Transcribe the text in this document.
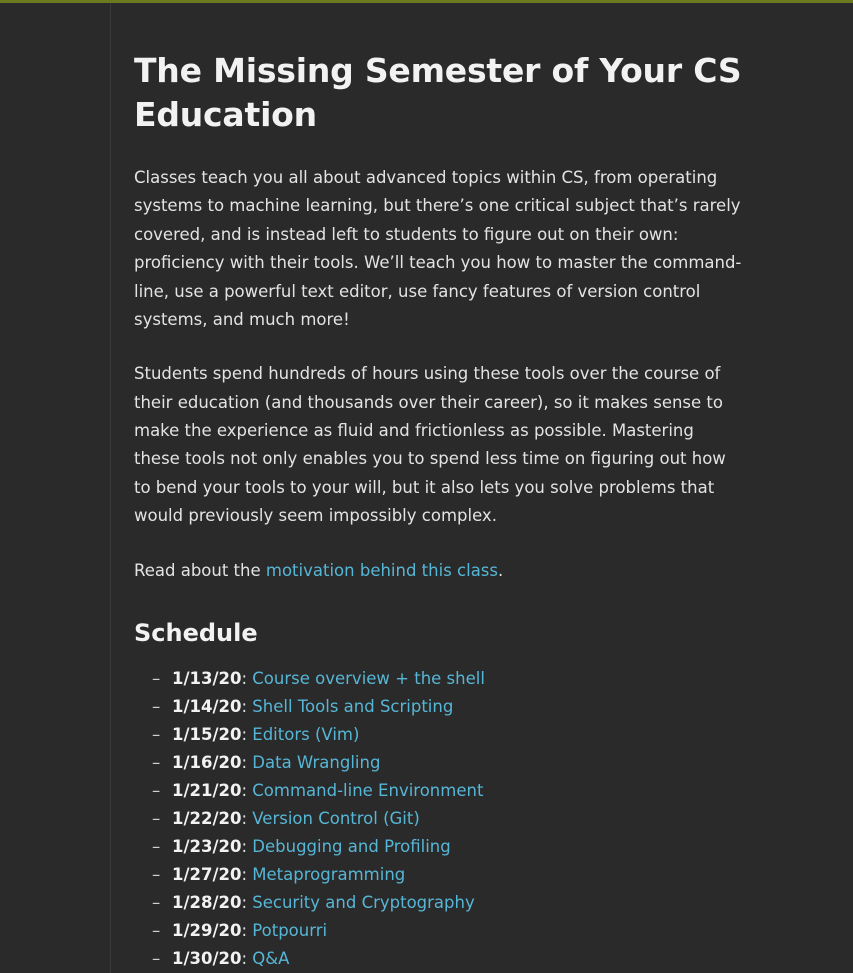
The Missing Semester of Your CS Education

Classes teach you all about advanced topics within CS, from operating systems to machine learning, but there’s one critical subject that’s rarely covered, and is instead left to students to figure out on their own: proficiency with their tools. We’ll teach you how to master the command-line, use a powerful text editor, use fancy features of version control systems, and much more!

Students spend hundreds of hours using these tools over the course of their education (and thousands over their career), so it makes sense to make the experience as fluid and frictionless as possible. Mastering these tools not only enables you to spend less time on figuring out how to bend your tools to your will, but it also lets you solve problems that would previously seem impossibly complex.

Read about the motivation behind this class.

Schedule
– 1/13/20: Course overview + the shell
– 1/14/20: Shell Tools and Scripting
– 1/15/20: Editors (Vim)
– 1/16/20: Data Wrangling
– 1/21/20: Command-line Environment
– 1/22/20: Version Control (Git)
– 1/23/20: Debugging and Profiling
– 1/27/20: Metaprogramming
– 1/28/20: Security and Cryptography
– 1/29/20: Potpourri
– 1/30/20: Q&A
